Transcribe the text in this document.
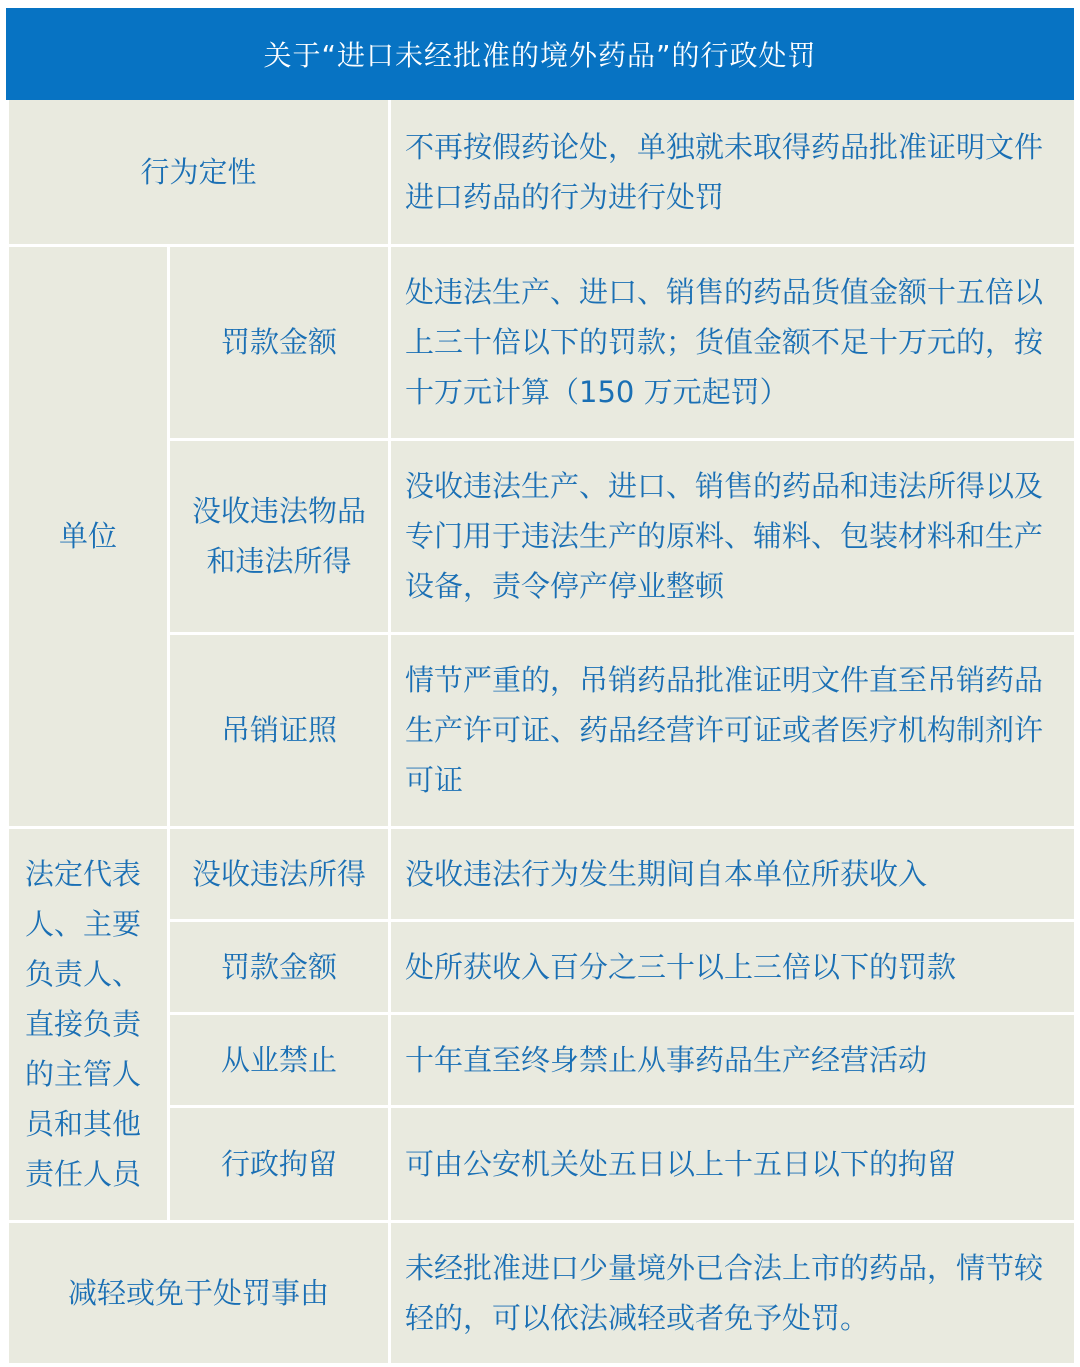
关于“进口未经批准的境外药品”的行政处罚
行为定性		不再按假药论处，单独就未取得药品批准证明文件进口药品的行为进行处罚
单位	罚款金额	处违法生产、进口、销售的药品货值金额十五倍以上三十倍以下的罚款；货值金额不足十万元的，按十万元计算（150 万元起罚）
	没收违法物品和违法所得	没收违法生产、进口、销售的药品和违法所得以及专门用于违法生产的原料、辅料、包装材料和生产设备，责令停产停业整顿
	吊销证照	情节严重的，吊销药品批准证明文件直至吊销药品生产许可证、药品经营许可证或者医疗机构制剂许可证
法定代表人、主要负责人、直接负责的主管人员和其他责任人员	没收违法所得	没收违法行为发生期间自本单位所获收入
	罚款金额	处所获收入百分之三十以上三倍以下的罚款
	从业禁止	十年直至终身禁止从事药品生产经营活动
	行政拘留	可由公安机关处五日以上十五日以下的拘留
减轻或免于处罚事由		未经批准进口少量境外已合法上市的药品，情节较轻的，可以依法减轻或者免予处罚。
